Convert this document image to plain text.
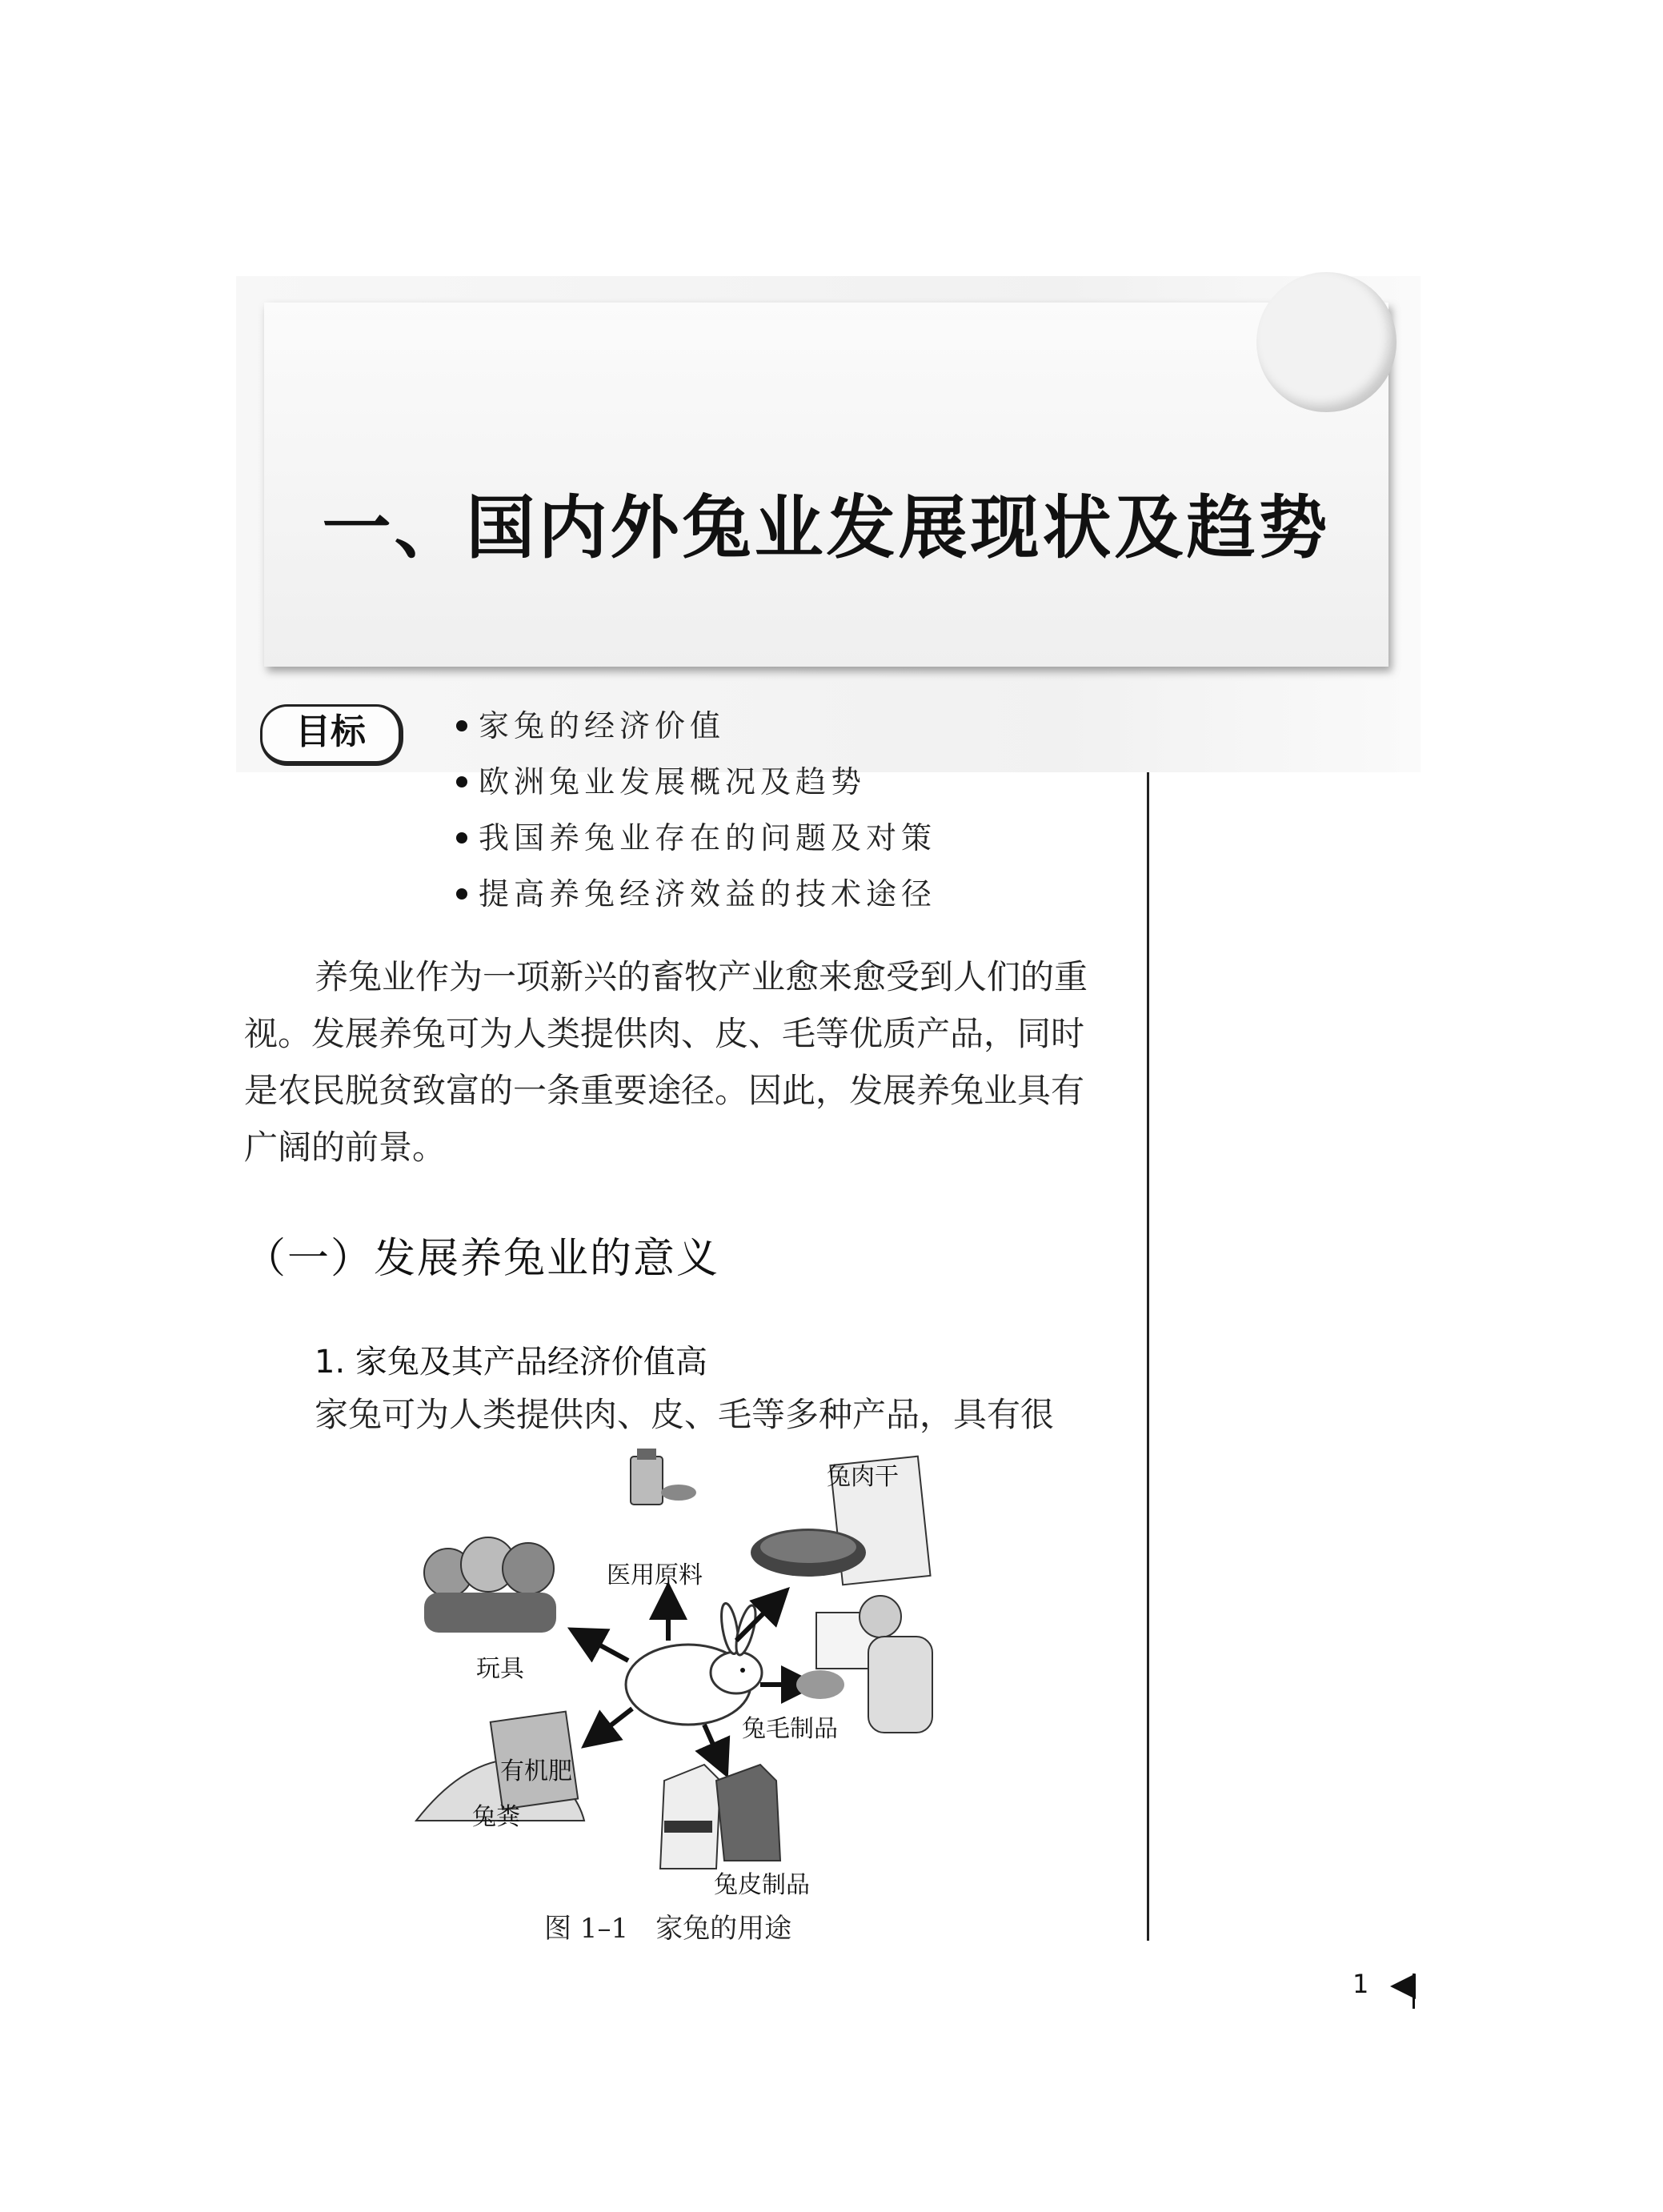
一、国内外兔业发展现状及趋势
目标	家兔的经济价值
欧洲兔业发展概况及趋势
我国养兔业存在的问题及对策
提高养兔经济效益的技术途径

养兔业作为一项新兴的畜牧产业愈来愈受到人们的重视。发展养兔可为人类提供肉、皮、毛等优质产品，同时是农民脱贫致富的一条重要途径。因此，发展养兔业具有广阔的前景。

（一）发展养兔业的意义
1. 家兔及其产品经济价值高

家兔可为人类提供肉、皮、毛等多种产品，具有很

医用原料
兔肉干
玩具
兔毛制品
有机肥
兔粪
兔皮制品
图 1–1　家兔的用途
1
